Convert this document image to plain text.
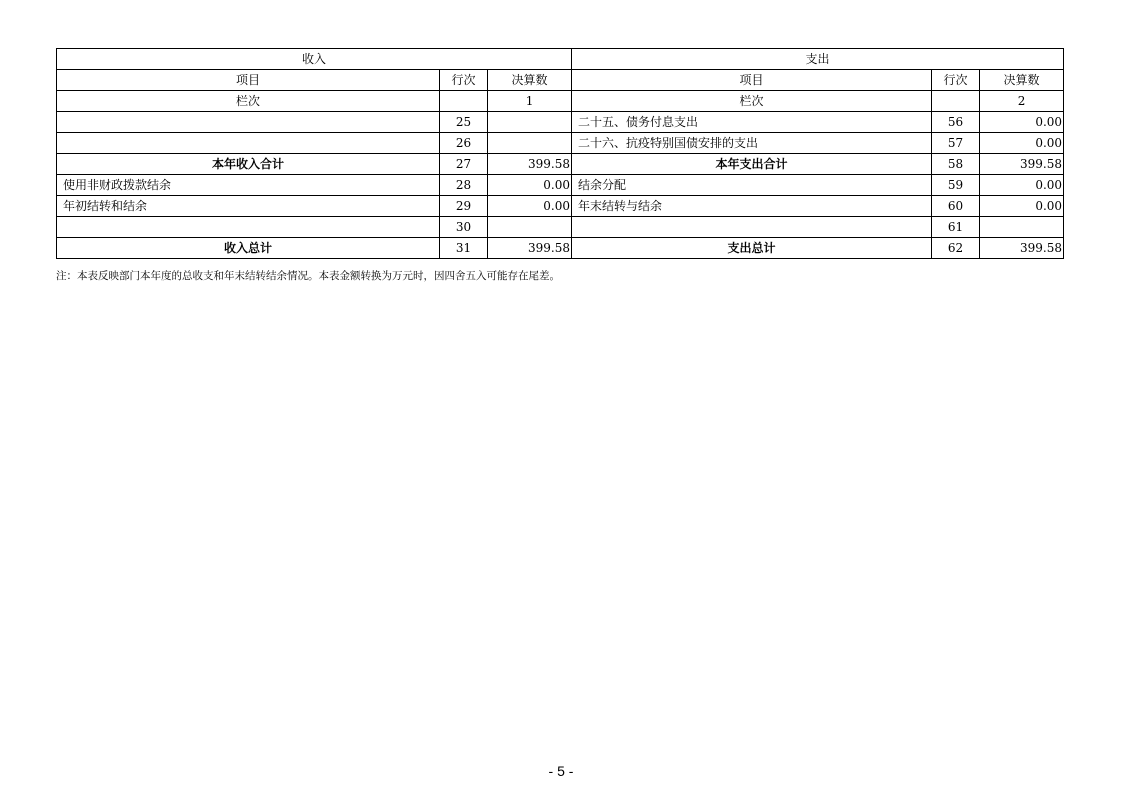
收入			支出		
项目	行次	决算数	项目	行次	决算数
栏次		1	栏次		2
	25		二十五、债务付息支出	56	0.00
	26		二十六、抗疫特别国债安排的支出	57	0.00
本年收入合计	27	399.58	本年支出合计	58	399.58
使用非财政拨款结余	28	0.00	结余分配	59	0.00
年初结转和结余	29	0.00	年末结转与结余	60	0.00
	30			61	
收入总计	31	399.58	支出总计	62	399.58
注：本表反映部门本年度的总收支和年末结转结余情况。本表金额转换为万元时，因四舍五入可能存在尾差。
- 5 -
